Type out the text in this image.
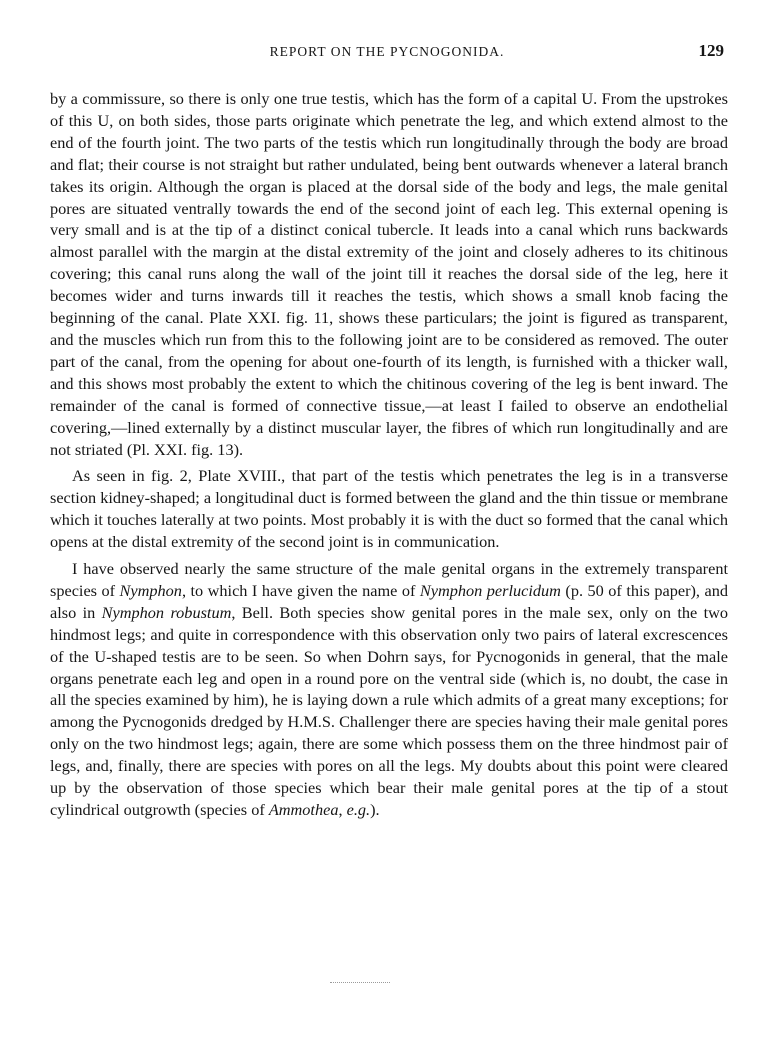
REPORT ON THE PYCNOGONIDA.	129

by a commissure, so there is only one true testis, which has the form of a capital U. From the upstrokes of this U, on both sides, those parts originate which penetrate the leg, and which extend almost to the end of the fourth joint. The two parts of the testis which run longitudinally through the body are broad and flat; their course is not straight but rather undulated, being bent outwards whenever a lateral branch takes its origin. Although the organ is placed at the dorsal side of the body and legs, the male genital pores are situated ventrally towards the end of the second joint of each leg. This external opening is very small and is at the tip of a distinct conical tubercle. It leads into a canal which runs backwards almost parallel with the margin at the distal extremity of the joint and closely adheres to its chitinous covering; this canal runs along the wall of the joint till it reaches the dorsal side of the leg, here it becomes wider and turns inwards till it reaches the testis, which shows a small knob facing the beginning of the canal. Plate XXI. fig. 11, shows these particulars; the joint is figured as transparent, and the muscles which run from this to the following joint are to be considered as removed. The outer part of the canal, from the opening for about one-fourth of its length, is furnished with a thicker wall, and this shows most probably the extent to which the chitinous covering of the leg is bent inward. The remainder of the canal is formed of connective tissue,—at least I failed to observe an endothelial covering,—lined externally by a distinct muscular layer, the fibres of which run longitudinally and are not striated (Pl. XXI. fig. 13).

As seen in fig. 2, Plate XVIII., that part of the testis which penetrates the leg is in a transverse section kidney-shaped; a longitudinal duct is formed between the gland and the thin tissue or membrane which it touches laterally at two points. Most probably it is with the duct so formed that the canal which opens at the distal extremity of the second joint is in communication.

I have observed nearly the same structure of the male genital organs in the extremely transparent species of Nymphon, to which I have given the name of Nymphon perlucidum (p. 50 of this paper), and also in Nymphon robustum, Bell. Both species show genital pores in the male sex, only on the two hindmost legs; and quite in correspondence with this observation only two pairs of lateral excrescences of the U-shaped testis are to be seen. So when Dohrn says, for Pycnogonids in general, that the male organs penetrate each leg and open in a round pore on the ventral side (which is, no doubt, the case in all the species examined by him), he is laying down a rule which admits of a great many exceptions; for among the Pycnogonids dredged by H.M.S. Challenger there are species having their male genital pores only on the two hindmost legs; again, there are some which possess them on the three hindmost pair of legs, and, finally, there are species with pores on all the legs. My doubts about this point were cleared up by the observation of those species which bear their male genital pores at the tip of a stout cylindrical outgrowth (species of Ammothea, e.g.).
